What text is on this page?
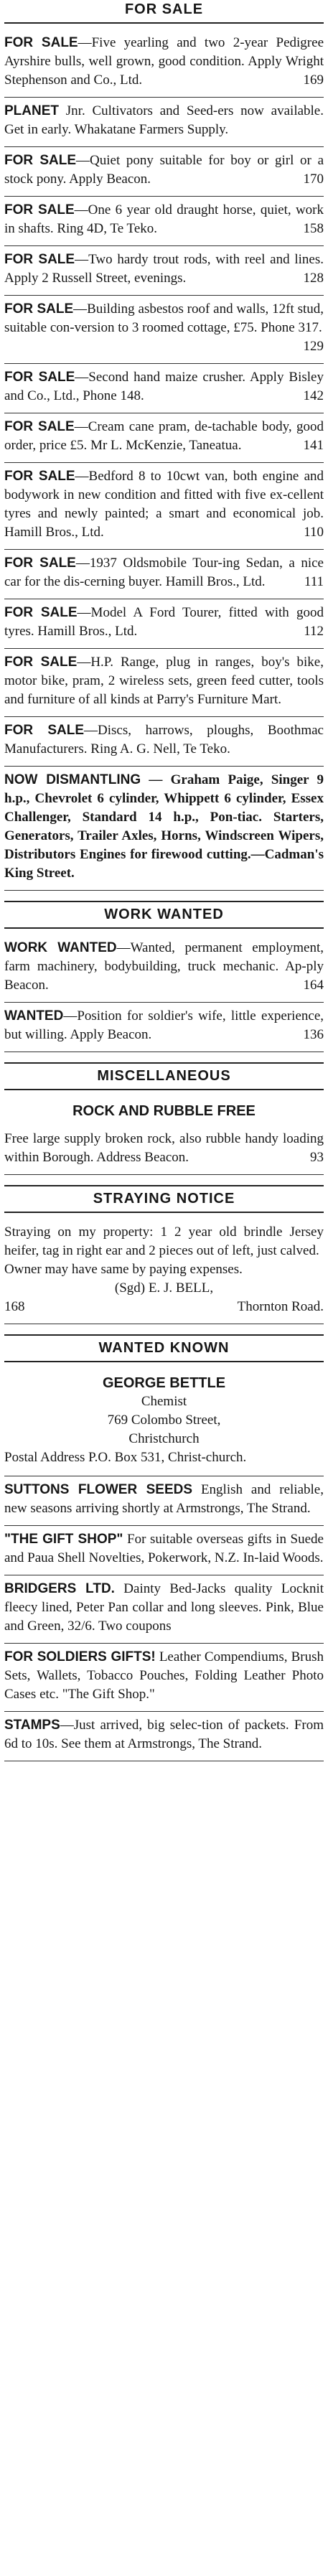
FOR SALE
FOR SALE—Five yearling and two 2-year Pedigree Ayrshire bulls, well grown, good condition. Apply Wright Stephenson and Co., Ltd.	169
PLANET Jnr. Cultivators and Seed-ers now available. Get in early. Whakatane Farmers Supply.
FOR SALE—Quiet pony suitable for boy or girl or a stock pony. Apply Beacon.	170
FOR SALE—One 6 year old draught horse, quiet, work in shafts. Ring 4D, Te Teko.	158
FOR SALE—Two hardy trout rods, with reel and lines. Apply 2 Russell Street, evenings.	128
FOR SALE—Building asbestos roof and walls, 12ft stud, suitable con-version to 3 roomed cottage, £75. Phone 317.
129
FOR SALE—Second hand maize crusher. Apply Bisley and Co., Ltd., Phone 148.	142
FOR SALE—Cream cane pram, de-tachable body, good order, price £5. Mr L. McKenzie, Taneatua.	141
FOR SALE—Bedford 8 to 10cwt van, both engine and bodywork in new condition and fitted with five ex-cellent tyres and newly painted; a smart and economical job. Hamill Bros., Ltd.	110
FOR SALE—1937 Oldsmobile Tour-ing Sedan, a nice car for the dis-cerning buyer. Hamill Bros., Ltd.	111
FOR SALE—Model A Ford Tourer, fitted with good tyres. Hamill Bros., Ltd.	112
FOR SALE—H.P. Range, plug in ranges, boy's bike, motor bike, pram, 2 wireless sets, green feed cutter, tools and furniture of all kinds at Parry's Furniture Mart.
FOR SALE—Discs, harrows, ploughs, Boothmac Manufacturers. Ring A. G. Nell, Te Teko.
NOW DISMANTLING — Graham Paige, Singer 9 h.p., Chevrolet 6 cylinder, Whippett 6 cylinder, Essex Challenger, Standard 14 h.p., Pon-tiac. Starters, Generators, Trailer Axles, Horns, Windscreen Wipers, Distributors Engines for firewood cutting.—Cadman's King Street.
WORK WANTED
WORK WANTED—Wanted, permanent employment, farm machinery, bodybuilding, truck mechanic. Ap-ply Beacon.	164
WANTED—Position for soldier's wife, little experience, but willing. Apply Beacon.	136
MISCELLANEOUS
ROCK AND RUBBLE FREE
Free large supply broken rock, also rubble handy loading within Borough. Address Beacon.	93
STRAYING NOTICE
Straying on my property: 1 2 year old brindle Jersey heifer, tag in right ear and 2 pieces out of left, just calved.
Owner may have same by paying expenses.
(Sgd) E. J. BELL,
168	Thornton Road.
WANTED KNOWN
GEORGE BETTLE
Chemist
769 Colombo Street,
Christchurch
Postal Address P.O. Box 531, Christ-church.
SUTTONS FLOWER SEEDS English and reliable, new seasons arriving shortly at Armstrongs, The Strand.
"THE GIFT SHOP" For suitable overseas gifts in Suede and Paua Shell Novelties, Pokerwork, N.Z. In-laid Woods.
BRIDGERS LTD. Dainty Bed-Jacks quality Locknit fleecy lined, Peter Pan collar and long sleeves. Pink, Blue and Green, 32/6. Two coupons
FOR SOLDIERS GIFTS! Leather Compendiums, Brush Sets, Wallets, Tobacco Pouches, Folding Leather Photo Cases etc. "The Gift Shop."
STAMPS—Just arrived, big selec-tion of packets. From 6d to 10s. See them at Armstrongs, The Strand.
